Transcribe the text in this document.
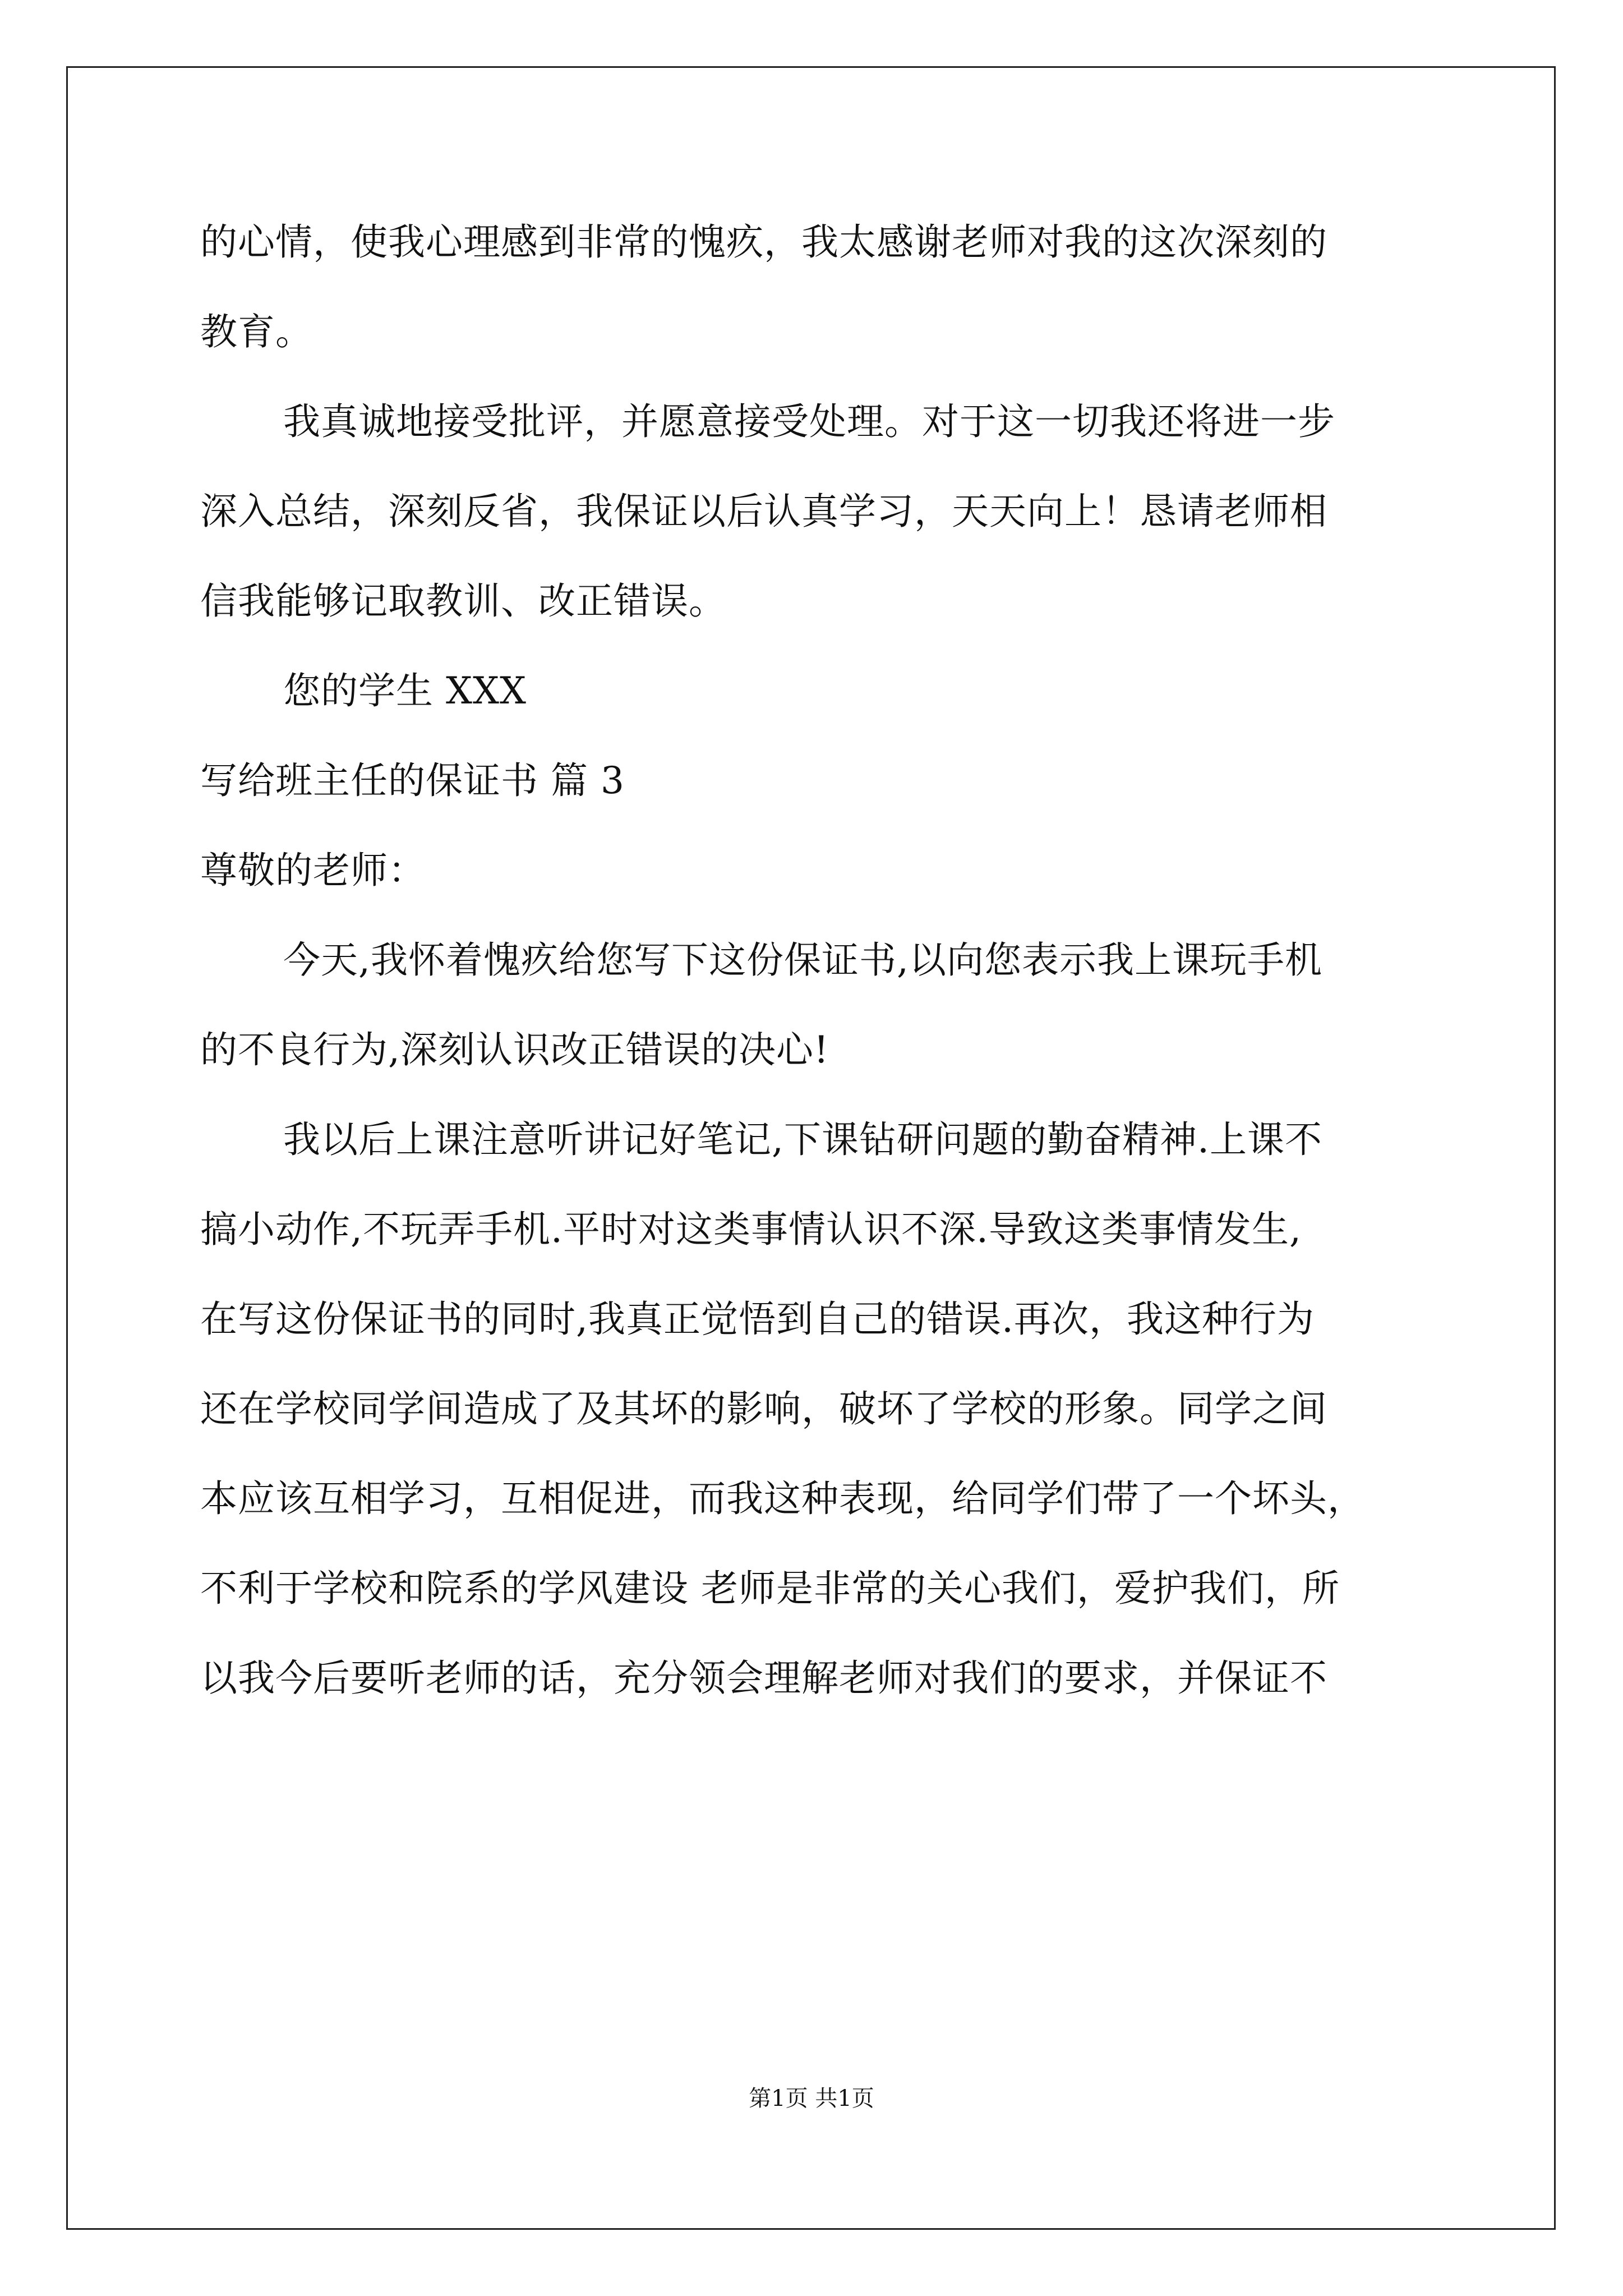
的心情，使我心理感到非常的愧疚，我太感谢老师对我的这次深刻的
教育。
我真诚地接受批评，并愿意接受处理。对于这一切我还将进一步
深入总结，深刻反省，我保证以后认真学习，天天向上！恳请老师相
信我能够记取教训、改正错误。
您的学生 XXX
写给班主任的保证书 篇 3
尊敬的老师：
今天,我怀着愧疚给您写下这份保证书,以向您表示我上课玩手机
的不良行为,深刻认识改正错误的决心!
我以后上课注意听讲记好笔记,下课钻研问题的勤奋精神.上课不
搞小动作,不玩弄手机.平时对这类事情认识不深.导致这类事情发生,
在写这份保证书的同时,我真正觉悟到自己的错误.再次，我这种行为
还在学校同学间造成了及其坏的影响，破坏了学校的形象。同学之间
本应该互相学习，互相促进，而我这种表现，给同学们带了一个坏头，
不利于学校和院系的学风建设 老师是非常的关心我们，爱护我们，所
以我今后要听老师的话，充分领会理解老师对我们的要求，并保证不
第1页 共1页
